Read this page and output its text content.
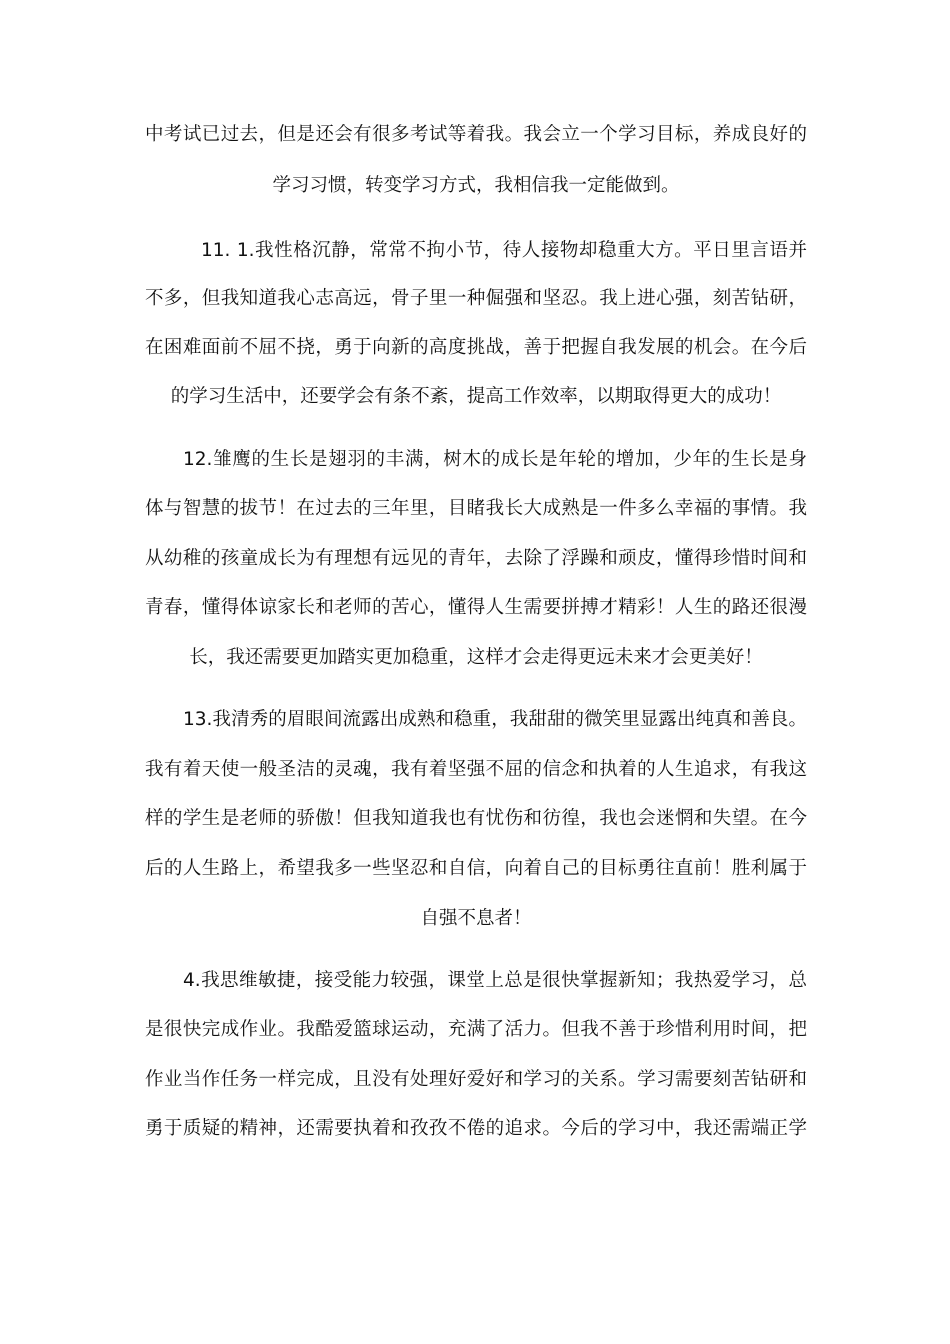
中考试已过去，但是还会有很多考试等着我。我会立一个学习目标，养成良好的
学习习惯，转变学习方式，我相信我一定能做到。
11. 1.我性格沉静，常常不拘小节，待人接物却稳重大方。平日里言语并
不多，但我知道我心志高远，骨子里一种倔强和坚忍。我上进心强，刻苦钻研，
在困难面前不屈不挠，勇于向新的高度挑战，善于把握自我发展的机会。在今后
的学习生活中，还要学会有条不紊，提高工作效率，以期取得更大的成功！
12.雏鹰的生长是翅羽的丰满，树木的成长是年轮的增加，少年的生长是身
体与智慧的拔节！在过去的三年里，目睹我长大成熟是一件多么幸福的事情。我
从幼稚的孩童成长为有理想有远见的青年，去除了浮躁和顽皮，懂得珍惜时间和
青春，懂得体谅家长和老师的苦心，懂得人生需要拼搏才精彩！人生的路还很漫
长，我还需要更加踏实更加稳重，这样才会走得更远未来才会更美好！
13.我清秀的眉眼间流露出成熟和稳重，我甜甜的微笑里显露出纯真和善良。
我有着天使一般圣洁的灵魂，我有着坚强不屈的信念和执着的人生追求，有我这
样的学生是老师的骄傲！但我知道我也有忧伤和彷徨，我也会迷惘和失望。在今
后的人生路上，希望我多一些坚忍和自信，向着自己的目标勇往直前！胜利属于
自强不息者！
4.我思维敏捷，接受能力较强，课堂上总是很快掌握新知；我热爱学习，总
是很快完成作业。我酷爱篮球运动，充满了活力。但我不善于珍惜利用时间，把
作业当作任务一样完成，且没有处理好爱好和学习的关系。学习需要刻苦钻研和
勇于质疑的精神，还需要执着和孜孜不倦的追求。今后的学习中，我还需端正学
